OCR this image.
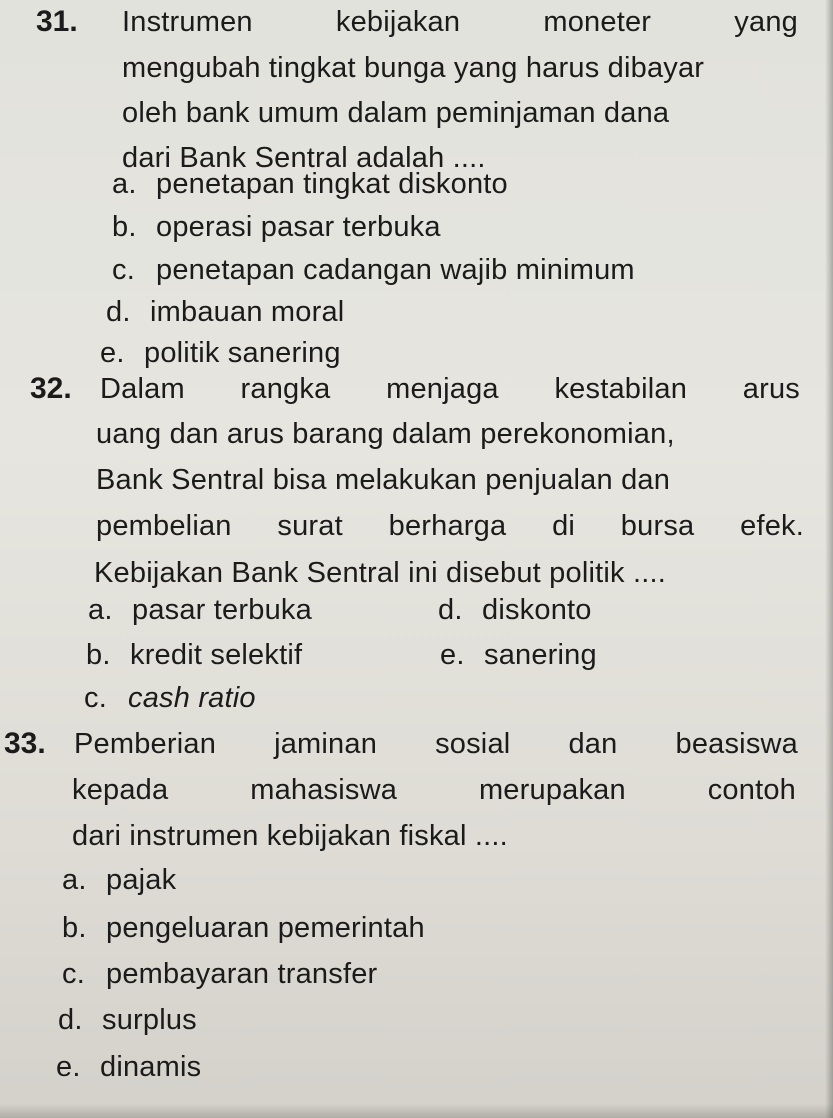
31. Instrumen	kebijakan	moneter	yang
mengubah tingkat bunga yang harus dibayar
oleh bank umum dalam peminjaman dana
dari Bank Sentral adalah ....
a. penetapan tingkat diskonto
b. operasi pasar terbuka
c. penetapan cadangan wajib minimum
d. imbauan moral
e. politik sanering
32. Dalam rangka menjaga kestabilan arus
uang dan arus barang dalam perekonomian,
Bank Sentral bisa melakukan penjualan dan
pembelian surat berharga di bursa efek.
Kebijakan Bank Sentral ini disebut politik ....
a. pasar terbuka	d. diskonto
b. kredit selektif	e. sanering
c. cash ratio
33. Pemberian jaminan sosial dan beasiswa
kepada mahasiswa merupakan contoh
dari instrumen kebijakan fiskal ....
a. pajak
b. pengeluaran pemerintah
c. pembayaran transfer
d. surplus
e. dinamis
